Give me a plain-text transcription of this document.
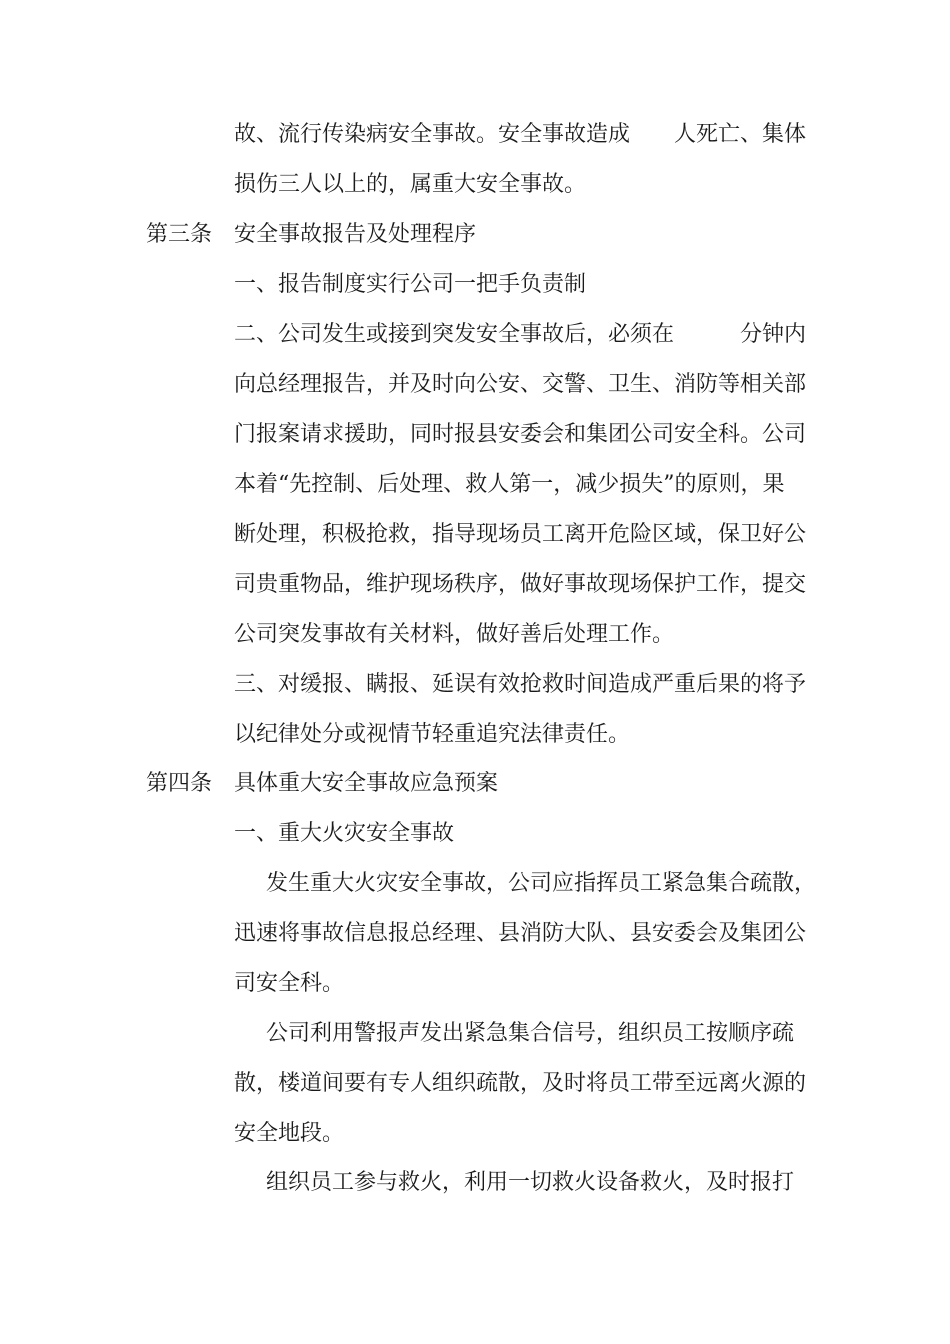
故、流行传染病安全事故。安全事故造成 人死亡、集体

损伤三人以上的，属重大安全事故。

第三条 安全事故报告及处理程序

一、报告制度实行公司一把手负责制

二、公司发生或接到突发安全事故后，必须在	分钟内

向总经理报告，并及时向公安、交警、卫生、消防等相关部

门报案请求援助，同时报县安委会和集团公司安全科。公司

本着“先控制、后处理、救人第一，减少损失”的原则，果

断处理，积极抢救，指导现场员工离开危险区域，保卫好公

司贵重物品，维护现场秩序，做好事故现场保护工作，提交

公司突发事故有关材料，做好善后处理工作。

三、对缓报、瞒报、延误有效抢救时间造成严重后果的将予

以纪律处分或视情节轻重追究法律责任。

第四条 具体重大安全事故应急预案

一、重大火灾安全事故

发生重大火灾安全事故，公司应指挥员工紧急集合疏散，

迅速将事故信息报总经理、县消防大队、县安委会及集团公

司安全科。

公司利用警报声发出紧急集合信号，组织员工按顺序疏

散，楼道间要有专人组织疏散，及时将员工带至远离火源的

安全地段。

组织员工参与救火，利用一切救火设备救火，及时报打
